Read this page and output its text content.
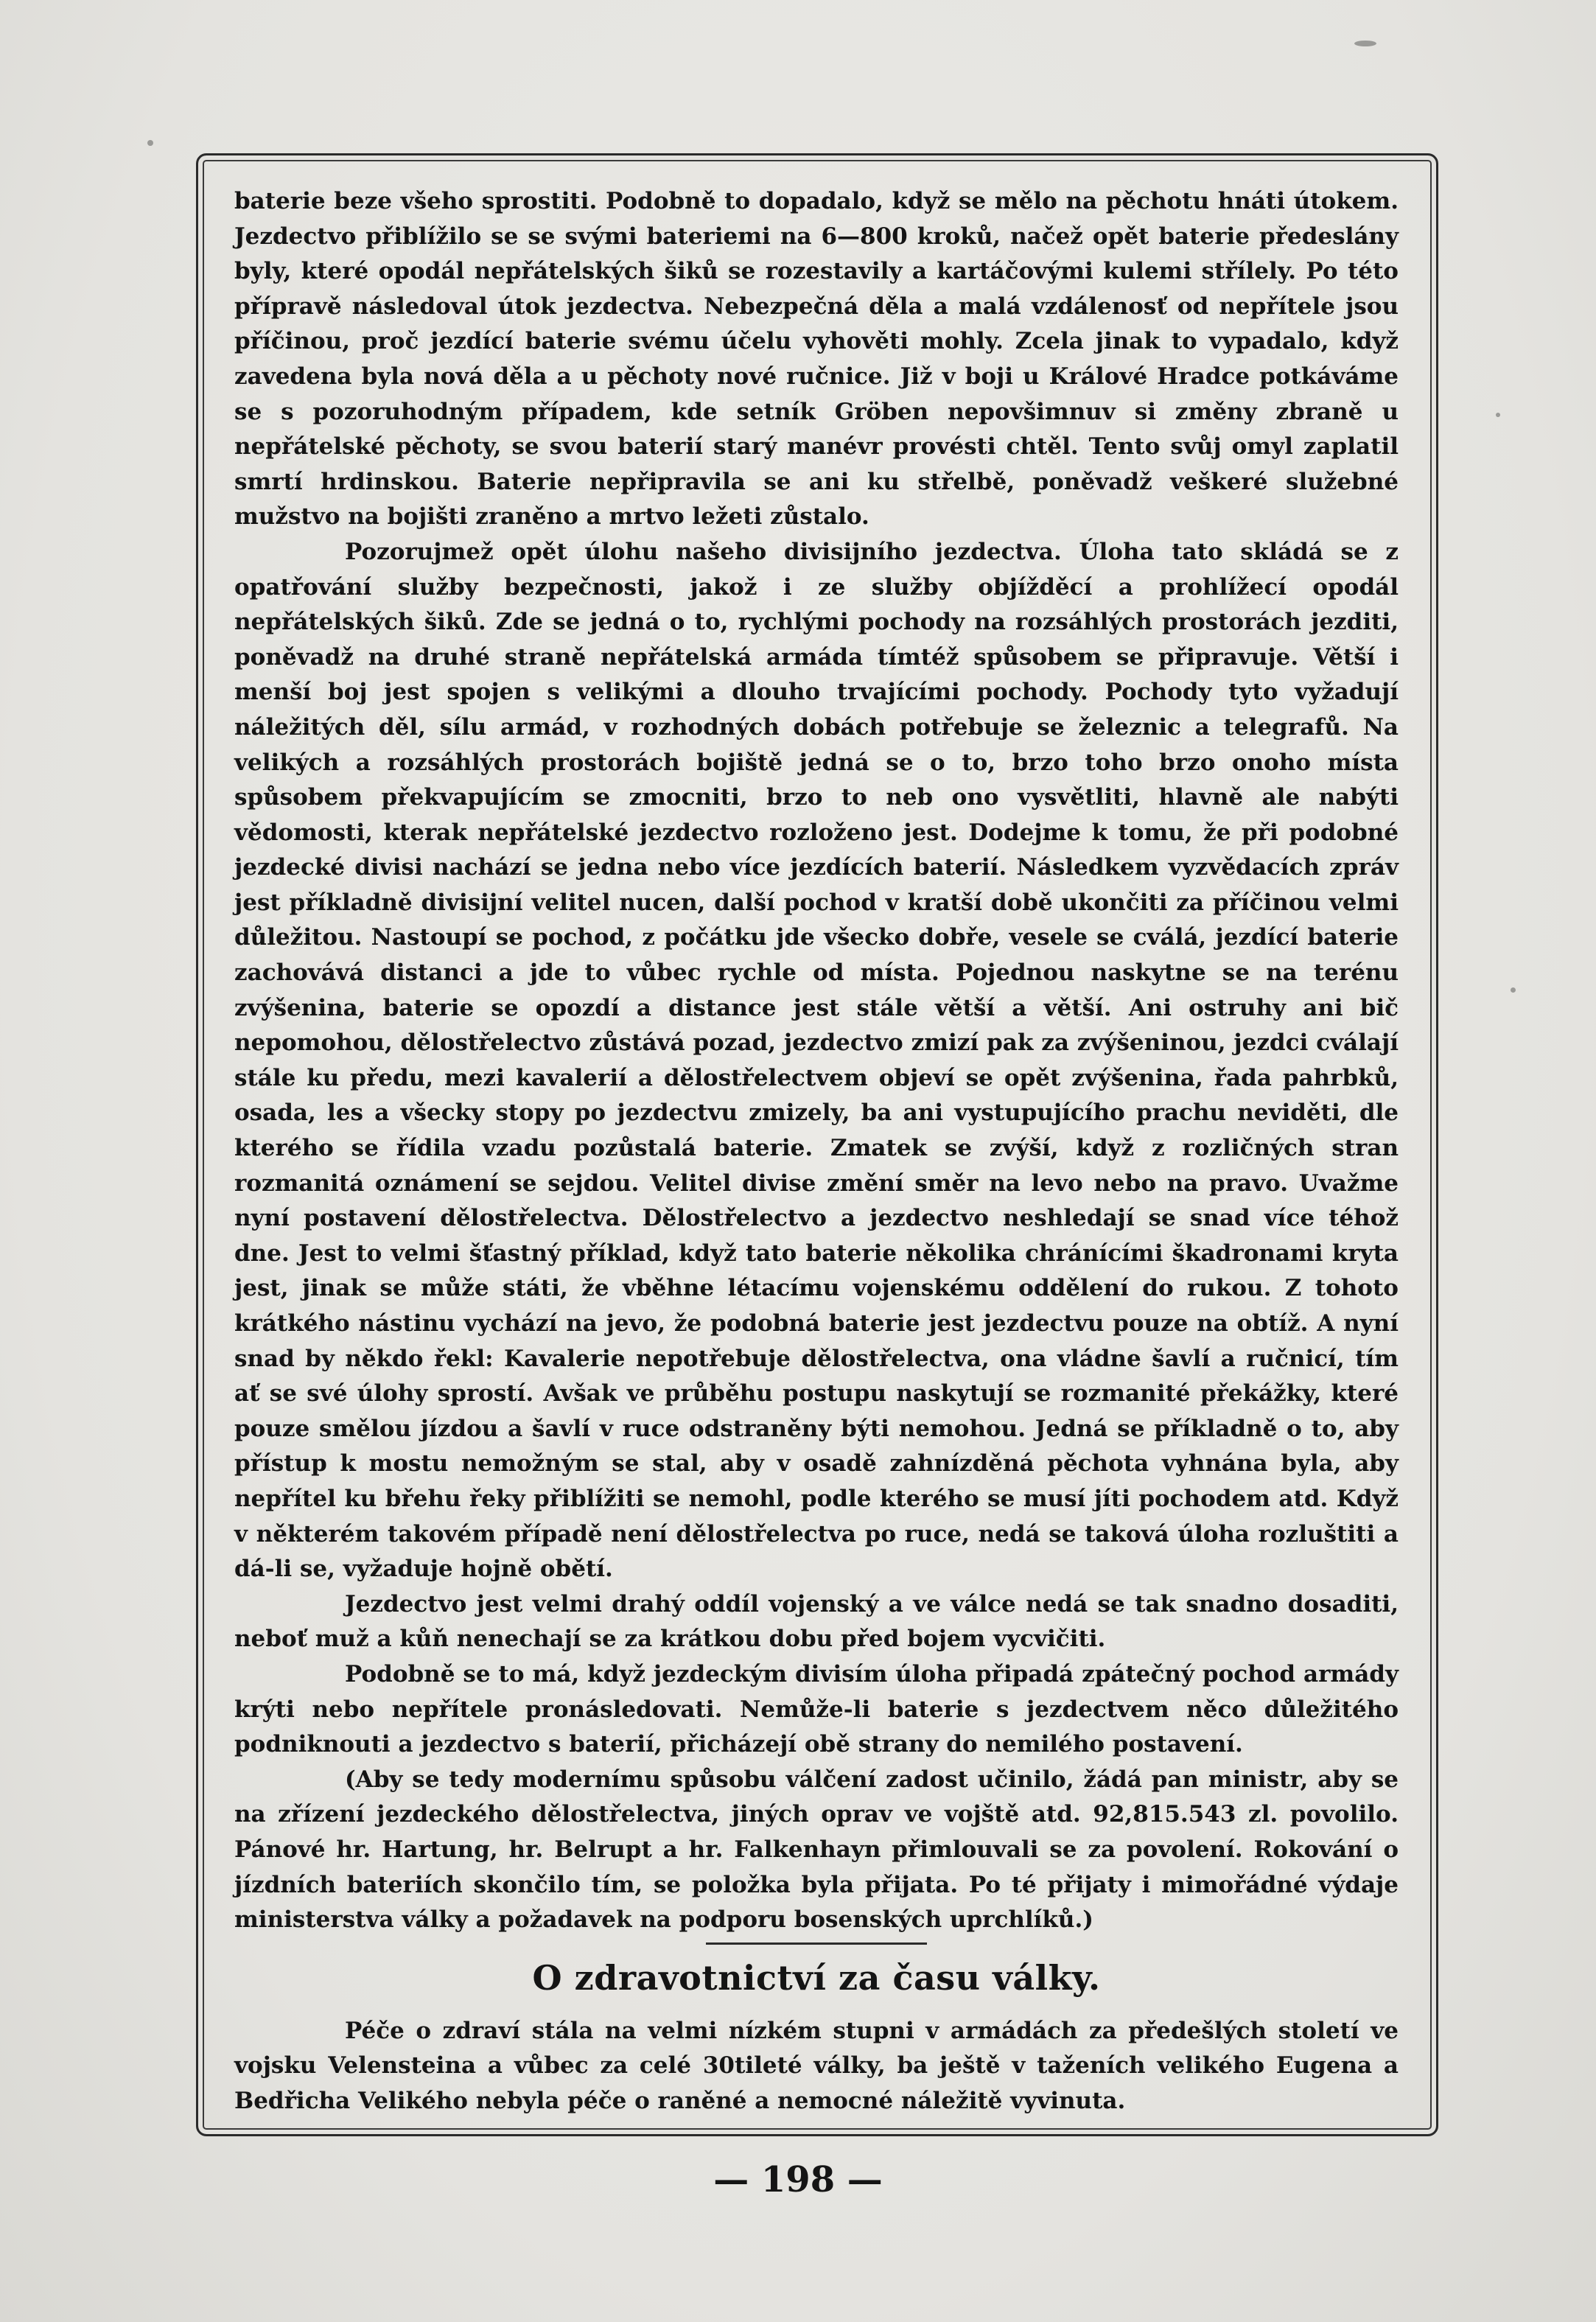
baterie beze všeho sprostiti. Podobně to dopadalo, když se mělo na pěchotu hnáti útokem. Jezdectvo přiblížilo se se svými bateriemi na 6—800 kroků, načež opět baterie předeslány byly, které opodál nepřátelských šiků se rozestavily a kartáčovými kulemi střílely. Po této přípravě následoval útok jezdectva. Nebezpečná děla a malá vzdálenosť od nepřítele jsou příčinou, proč jezdící baterie svému účelu vyhověti mohly. Zcela jinak to vypadalo, když zavedena byla nová děla a u pěchoty nové ručnice. Již v boji u Králové Hradce potkáváme se s pozoruhodným případem, kde setník Gröben nepovšimnuv si změny zbraně u nepřátelské pěchoty, se svou baterií starý manévr provésti chtěl. Tento svůj omyl zaplatil smrtí hrdinskou. Baterie nepřipravila se ani ku střelbě, poněvadž veškeré služebné mužstvo na bojišti zraněno a mrtvo ležeti zůstalo.

Pozorujmež opět úlohu našeho divisijního jezdectva. Úloha tato skládá se z opatřování služby bezpečnosti, jakož i ze služby objížděcí a prohlížecí opodál nepřátelských šiků. Zde se jedná o to, rychlými pochody na rozsáhlých prostorách jezditi, poněvadž na druhé straně nepřátelská armáda tímtéž spůsobem se připravuje. Větší i menší boj jest spojen s velikými a dlouho trvajícími pochody. Pochody tyto vyžadují náležitých děl, sílu armád, v rozhodných dobách potřebuje se železnic a telegrafů. Na velikých a rozsáhlých prostorách bojiště jedná se o to, brzo toho brzo onoho místa spůsobem překvapujícím se zmocniti, brzo to neb ono vysvětliti, hlavně ale nabýti vědomosti, kterak nepřátelské jezdectvo rozloženo jest. Dodejme k tomu, že při podobné jezdecké divisi nachází se jedna nebo více jezdících baterií. Následkem vyzvědacích zpráv jest příkladně divisijní velitel nucen, další pochod v kratší době ukončiti za příčinou velmi důležitou. Nastoupí se pochod, z počátku jde všecko dobře, vesele se cválá, jezdící baterie zachovává distanci a jde to vůbec rychle od místa. Pojednou naskytne se na terénu zvýšenina, baterie se opozdí a distance jest stále větší a větší. Ani ostruhy ani bič nepomohou, dělostřelectvo zůstává pozad, jezdectvo zmizí pak za zvýšeninou, jezdci cválají stále ku předu, mezi kavalerií a dělostřelectvem objeví se opět zvýšenina, řada pahrbků, osada, les a všecky stopy po jezdectvu zmizely, ba ani vystupujícího prachu neviděti, dle kterého se řídila vzadu pozůstalá baterie. Zmatek se zvýší, když z rozličných stran rozmanitá oznámení se sejdou. Velitel divise změní směr na levo nebo na pravo. Uvažme nyní postavení dělostřelectva. Dělostřelectvo a jezdectvo neshledají se snad více téhož dne. Jest to velmi šťastný příklad, když tato baterie několika chránícími škadronami kryta jest, jinak se může státi, že vběhne létacímu vojenskému oddělení do rukou. Z tohoto krátkého nástinu vychází na jevo, že podobná baterie jest jezdectvu pouze na obtíž. A nyní snad by někdo řekl: Kavalerie nepotřebuje dělostřelectva, ona vládne šavlí a ručnicí, tím ať se své úlohy sprostí. Avšak ve průběhu postupu naskytují se rozmanité překážky, které pouze smělou jízdou a šavlí v ruce odstraněny býti nemohou. Jedná se příkladně o to, aby přístup k mostu nemožným se stal, aby v osadě zahnízděná pěchota vyhnána byla, aby nepřítel ku břehu řeky přiblížiti se nemohl, podle kterého se musí jíti pochodem atd. Když v některém takovém případě není dělostřelectva po ruce, nedá se taková úloha rozluštiti a dá-li se, vyžaduje hojně obětí.

Jezdectvo jest velmi drahý oddíl vojenský a ve válce nedá se tak snadno dosaditi, neboť muž a kůň nenechají se za krátkou dobu před bojem vycvičiti.

Podobně se to má, když jezdeckým divisím úloha připadá zpátečný pochod armády krýti nebo nepřítele pronásledovati. Nemůže-li baterie s jezdectvem něco důležitého podniknouti a jezdectvo s baterií, přicházejí obě strany do nemilého postavení.

(Aby se tedy modernímu spůsobu válčení zadost učinilo, žádá pan ministr, aby se na zřízení jezdeckého dělostřelectva, jiných oprav ve vojště atd. 92,815.543 zl. povolilo. Pánové hr. Hartung, hr. Belrupt a hr. Falkenhayn přimlouvali se za povolení. Rokování o jízdních bateriích skončilo tím, se položka byla přijata. Po té přijaty i mimořádné výdaje ministerstva války a požadavek na podporu bosenských uprchlíků.)

O zdravotnictví za času války.

Péče o zdraví stála na velmi nízkém stupni v armádách za předešlých století ve vojsku Velensteina a vůbec za celé 30tileté války, ba ještě v taženích velikého Eugena a Bedřicha Velikého nebyla péče o raněné a nemocné náležitě vyvinuta.

— 198 —
